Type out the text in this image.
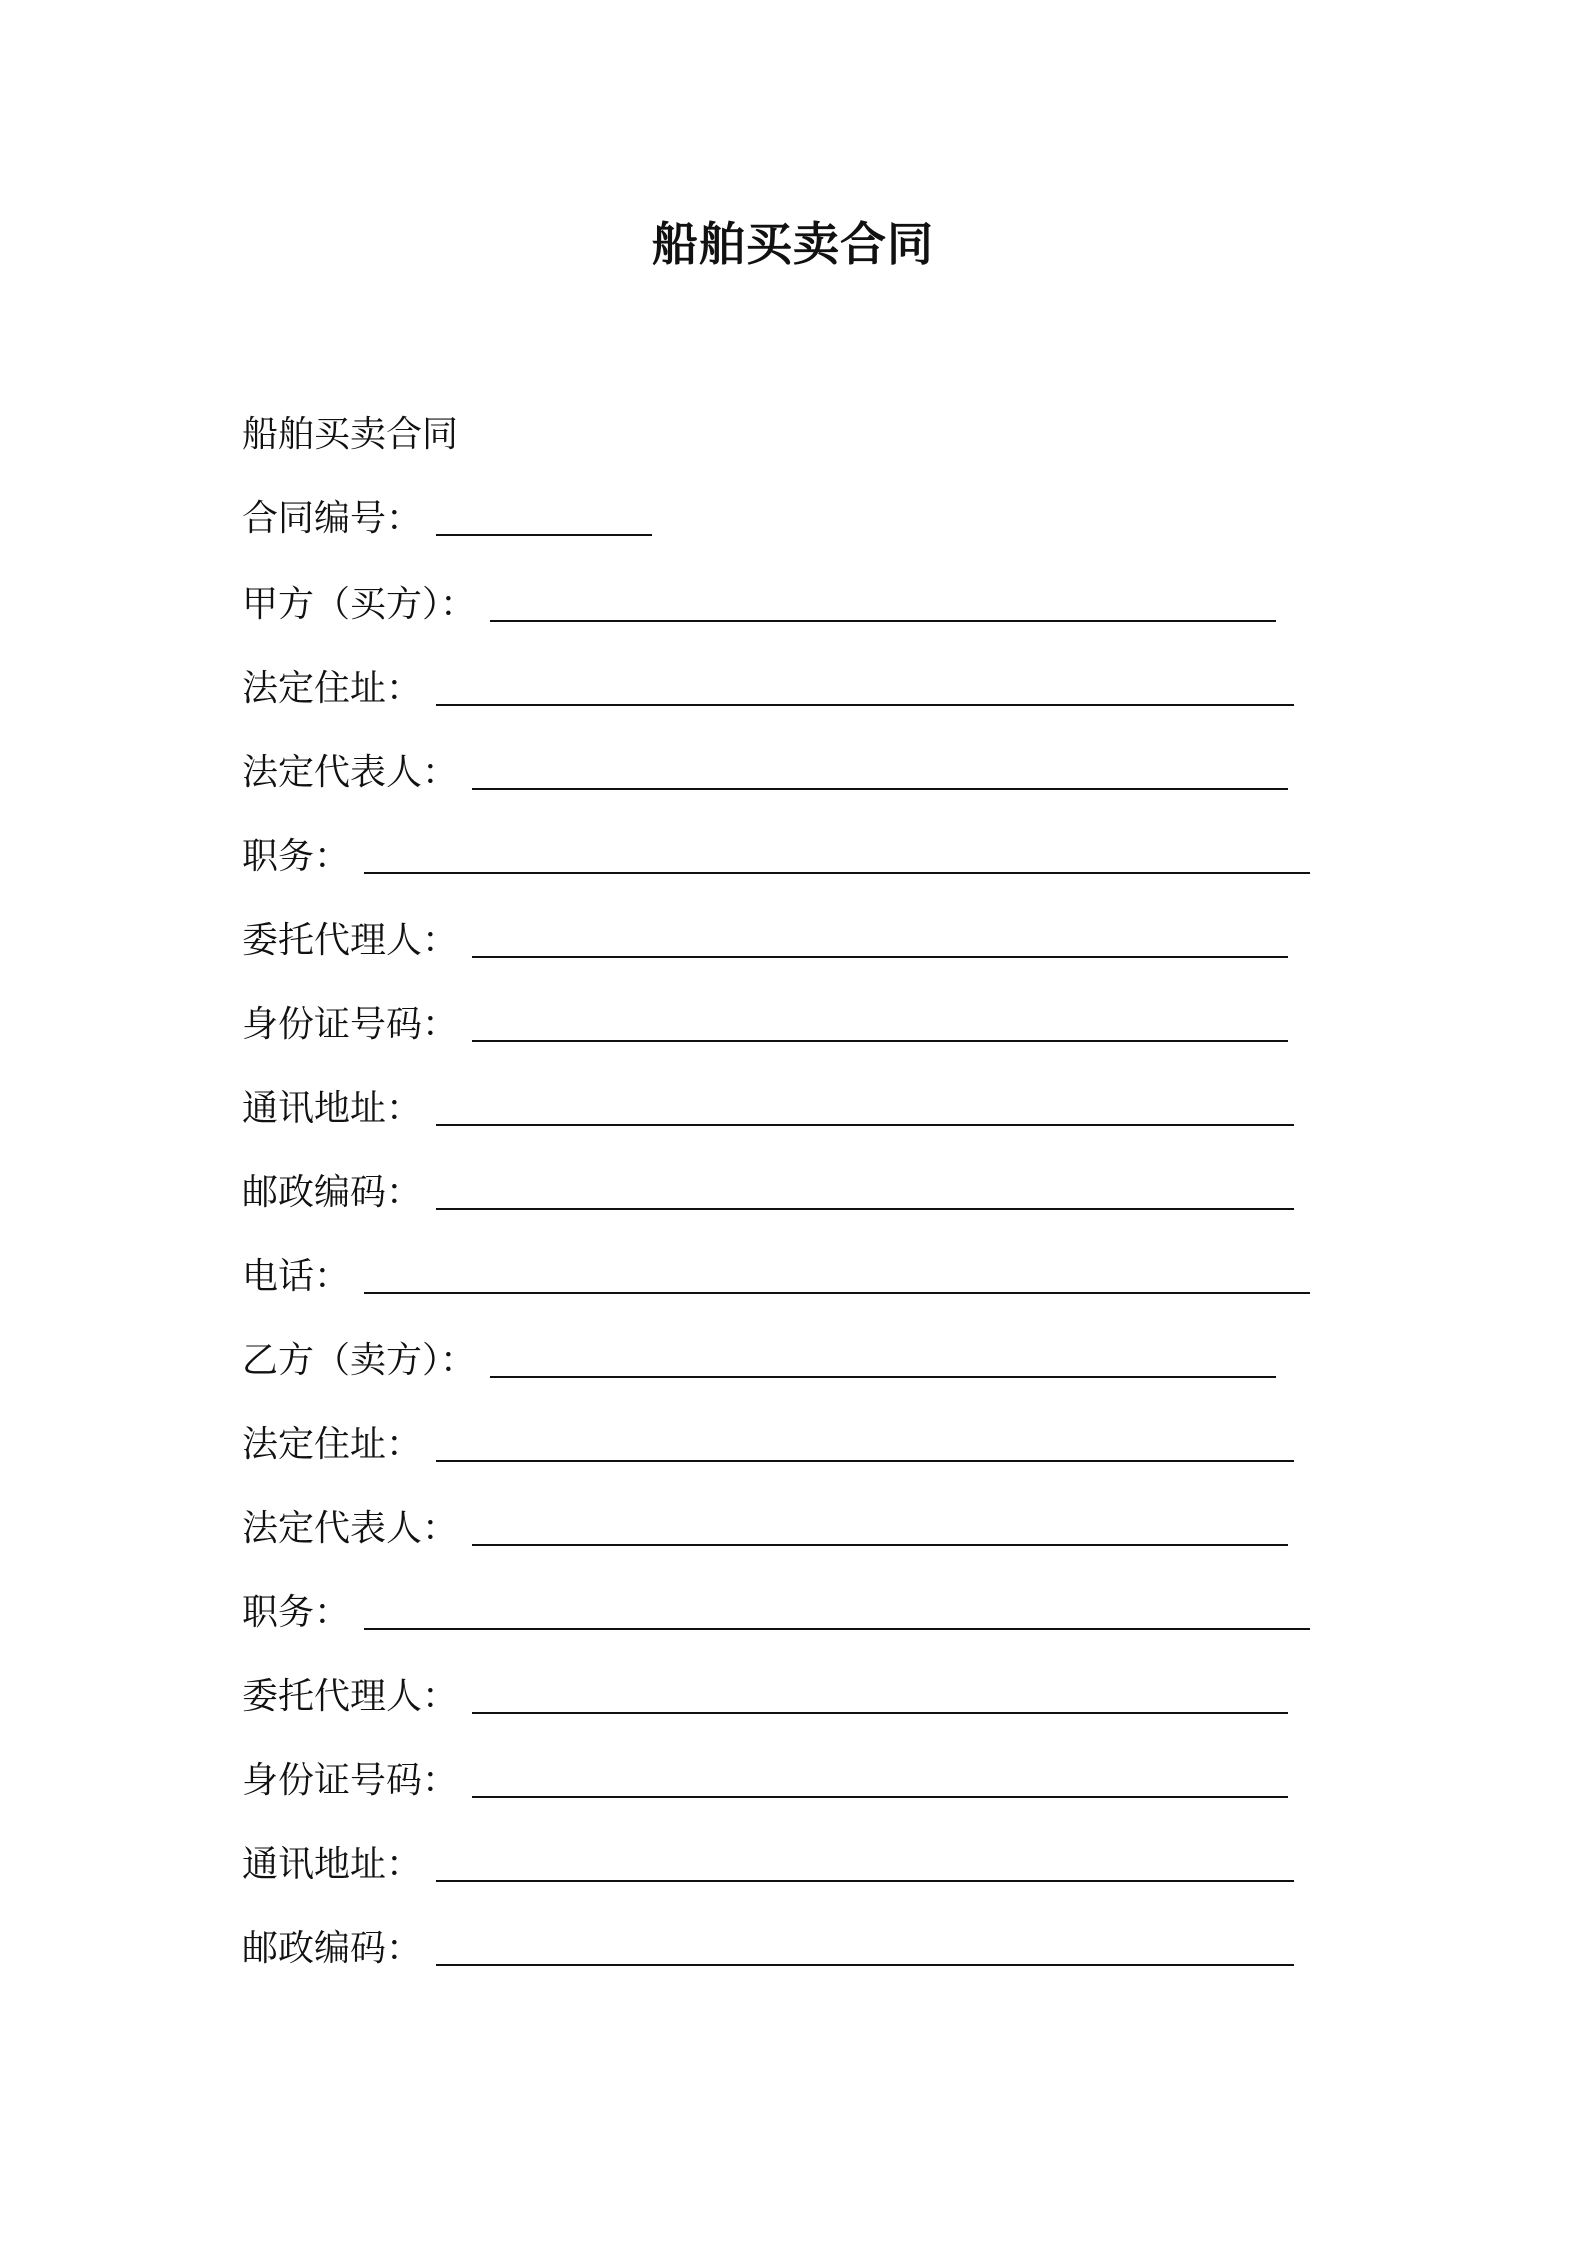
船舶买卖合同
船舶买卖合同
合同编号：
甲方（买方）：
法定住址：
法定代表人：
职务：
委托代理人：
身份证号码：
通讯地址：
邮政编码：
电话：
乙方（卖方）：
法定住址：
法定代表人：
职务：
委托代理人：
身份证号码：
通讯地址：
邮政编码：
